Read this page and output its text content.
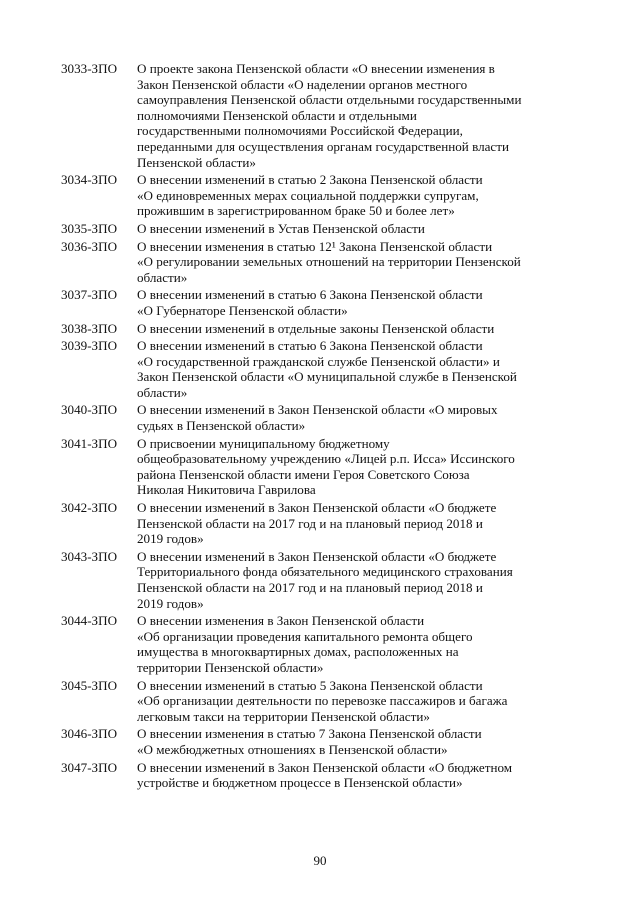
3033-ЗПО	О проекте закона Пензенской области «О внесении изменения в
Закон Пензенской области «О наделении органов местного
самоуправления Пензенской области отдельными государственными
полномочиями Пензенской области и отдельными
государственными полномочиями Российской Федерации,
переданными для осуществления органам государственной власти
Пензенской области»
3034-ЗПО	О внесении изменений в статью 2 Закона Пензенской области
«О единовременных мерах социальной поддержки супругам,
прожившим в зарегистрированном браке 50 и более лет»
3035-ЗПО	О внесении изменений в Устав Пензенской области
3036-ЗПО	О внесении изменения в статью 12¹ Закона Пензенской области
«О регулировании земельных отношений на территории Пензенской
области»
3037-ЗПО	О внесении изменений в статью 6 Закона Пензенской области
«О Губернаторе Пензенской области»
3038-ЗПО	О внесении изменений в отдельные законы Пензенской области
3039-ЗПО	О внесении изменений в статью 6 Закона Пензенской области
«О государственной гражданской службе Пензенской области» и
Закон Пензенской области «О муниципальной службе в Пензенской
области»
3040-ЗПО	О внесении изменений в Закон Пензенской области «О мировых
судьях в Пензенской области»
3041-ЗПО	О присвоении муниципальному бюджетному
общеобразовательному учреждению «Лицей р.п. Исса» Иссинского
района Пензенской области имени Героя Советского Союза
Николая Никитовича Гаврилова
3042-ЗПО	О внесении изменений в Закон Пензенской области «О бюджете
Пензенской области на 2017 год и на плановый период 2018 и
2019 годов»
3043-ЗПО	О внесении изменений в Закон Пензенской области «О бюджете
Территориального фонда обязательного медицинского страхования
Пензенской области на 2017 год и на плановый период 2018 и
2019 годов»
3044-ЗПО	О внесении изменения в Закон Пензенской области
«Об организации проведения капитального ремонта общего
имущества в многоквартирных домах, расположенных на
территории Пензенской области»
3045-ЗПО	О внесении изменений в статью 5 Закона Пензенской области
«Об организации деятельности по перевозке пассажиров и багажа
легковым такси на территории Пензенской области»
3046-ЗПО	О внесении изменения в статью 7 Закона Пензенской области
«О межбюджетных отношениях в Пензенской области»
3047-ЗПО	О внесении изменений в Закон Пензенской области «О бюджетном
устройстве и бюджетном процессе в Пензенской области»
90
